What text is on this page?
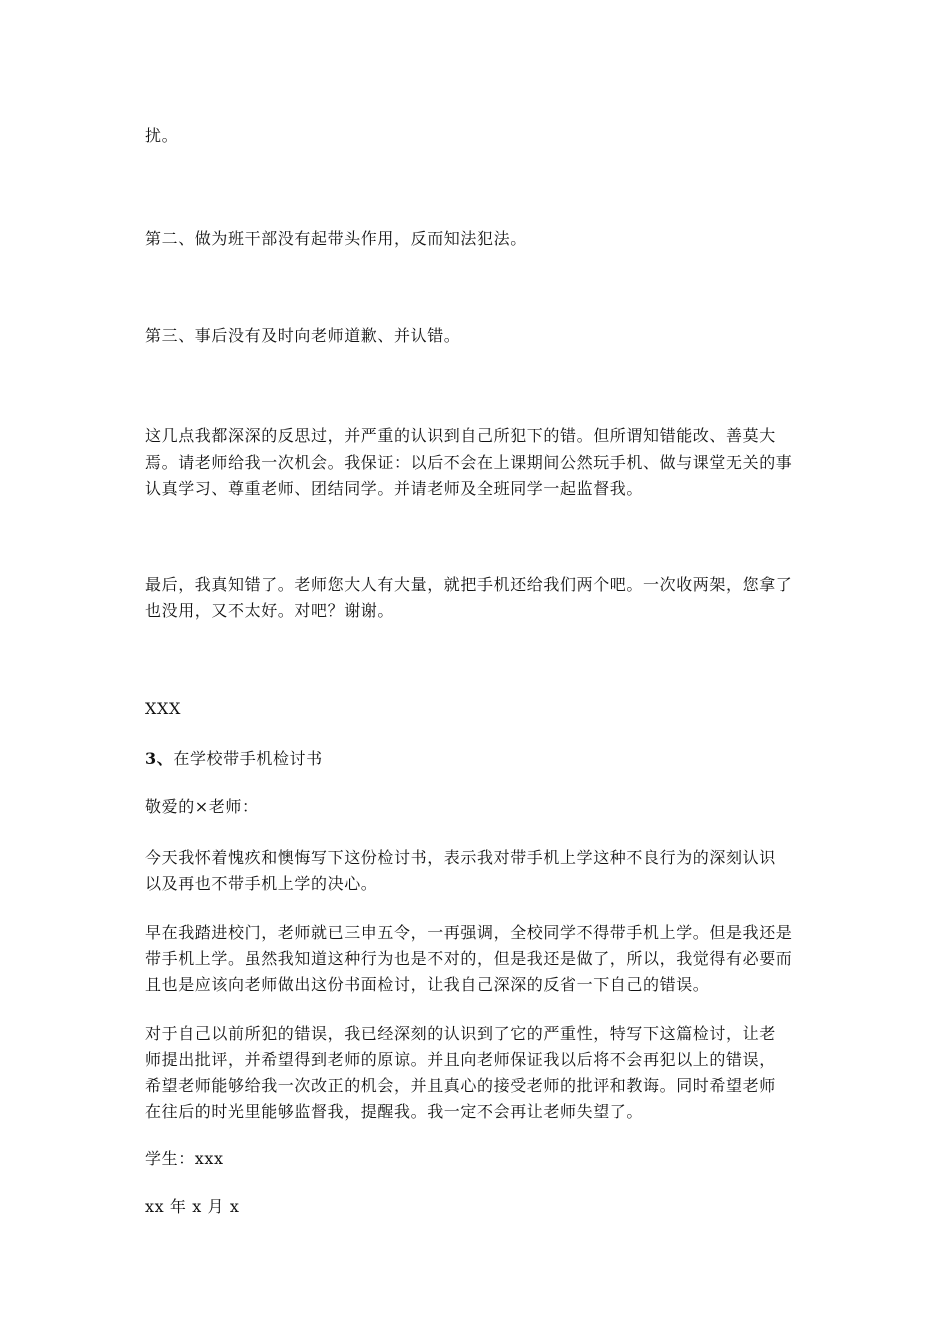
扰。

第二、做为班干部没有起带头作用，反而知法犯法。

第三、事后没有及时向老师道歉、并认错。

这几点我都深深的反思过，并严重的认识到自己所犯下的错。但所谓知错能改、善莫大

焉。请老师给我一次机会。我保证：以后不会在上课期间公然玩手机、做与课堂无关的事

认真学习、尊重老师、团结同学。并请老师及全班同学一起监督我。

最后，我真知错了。老师您大人有大量，就把手机还给我们两个吧。一次收两架，您拿了

也没用，又不太好。对吧？谢谢。

XXX

3、在学校带手机检讨书

敬爱的×老师：

今天我怀着愧疚和懊悔写下这份检讨书，表示我对带手机上学这种不良行为的深刻认识

以及再也不带手机上学的决心。

早在我踏进校门，老师就已三申五令，一再强调，全校同学不得带手机上学。但是我还是

带手机上学。虽然我知道这种行为也是不对的，但是我还是做了，所以，我觉得有必要而

且也是应该向老师做出这份书面检讨，让我自己深深的反省一下自己的错误。

对于自己以前所犯的错误，我已经深刻的认识到了它的严重性，特写下这篇检讨，让老

师提出批评，并希望得到老师的原谅。并且向老师保证我以后将不会再犯以上的错误，

希望老师能够给我一次改正的机会，并且真心的接受老师的批评和教诲。同时希望老师

在往后的时光里能够监督我，提醒我。我一定不会再让老师失望了。

学生：xxx

xx 年 x 月 x
